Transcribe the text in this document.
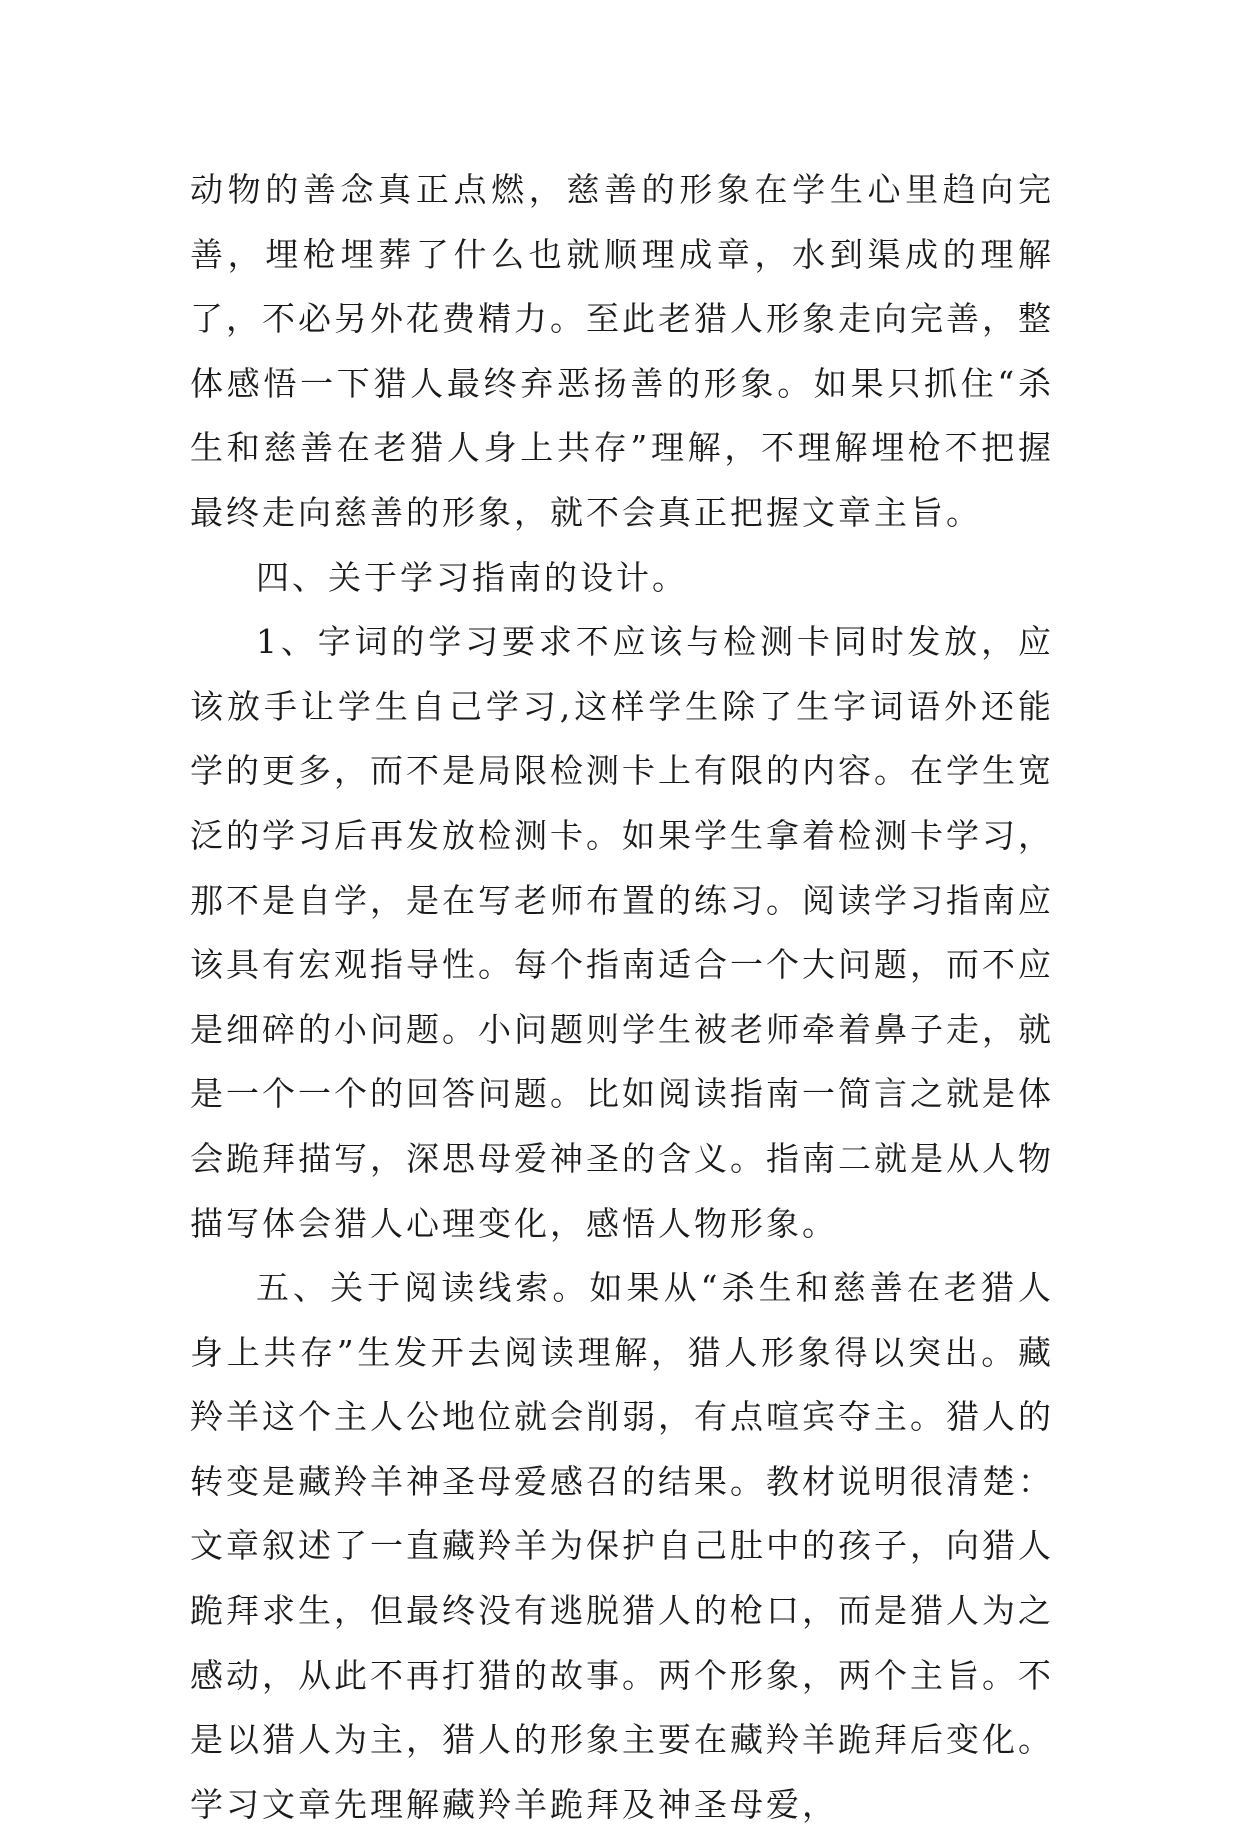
动物的善念真正点燃，慈善的形象在学生心里趋向完善，埋枪埋葬了什么也就顺理成章，水到渠成的理解了，不必另外花费精力。至此老猎人形象走向完善，整体感悟一下猎人最终弃恶扬善的形象。如果只抓住“杀生和慈善在老猎人身上共存”理解，不理解埋枪不把握最终走向慈善的形象，就不会真正把握文章主旨。

四、关于学习指南的设计。

1、字词的学习要求不应该与检测卡同时发放，应该放手让学生自己学习,这样学生除了生字词语外还能学的更多，而不是局限检测卡上有限的内容。在学生宽泛的学习后再发放检测卡。如果学生拿着检测卡学习，那不是自学，是在写老师布置的练习。阅读学习指南应该具有宏观指导性。每个指南适合一个大问题，而不应是细碎的小问题。小问题则学生被老师牵着鼻子走，就是一个一个的回答问题。比如阅读指南一简言之就是体会跪拜描写，深思母爱神圣的含义。指南二就是从人物描写体会猎人心理变化，感悟人物形象。

五、关于阅读线索。如果从“杀生和慈善在老猎人身上共存”生发开去阅读理解，猎人形象得以突出。藏羚羊这个主人公地位就会削弱，有点喧宾夺主。猎人的转变是藏羚羊神圣母爱感召的结果。教材说明很清楚：文章叙述了一直藏羚羊为保护自己肚中的孩子，向猎人跪拜求生，但最终没有逃脱猎人的枪口，而是猎人为之感动，从此不再打猎的故事。两个形象，两个主旨。不是以猎人为主，猎人的形象主要在藏羚羊跪拜后变化。学习文章先理解藏羚羊跪拜及神圣母爱，
